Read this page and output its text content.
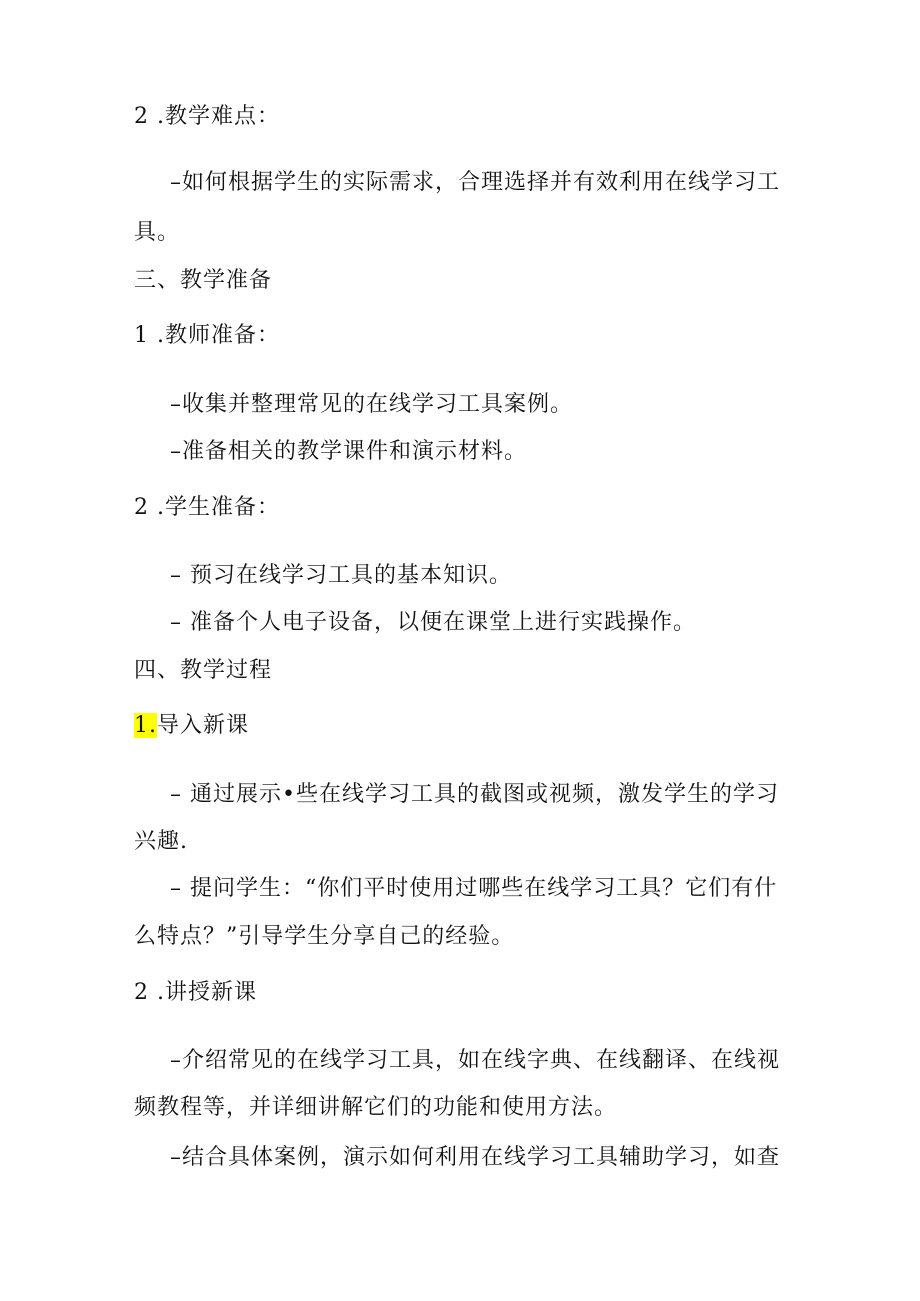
2 .教学难点：
–如何根据学生的实际需求，合理选择并有效利用在线学习工
具。
三、教学准备
1 .教师准备：
–收集并整理常见的在线学习工具案例。
–准备相关的教学课件和演示材料。
2 .学生准备：
– 预习在线学习工具的基本知识。
– 准备个人电子设备，以便在课堂上进行实践操作。
四、教学过程
1.导入新课
– 通过展示•些在线学习工具的截图或视频，激发学生的学习
兴趣.
– 提问学生：“你们平时使用过哪些在线学习工具？它们有什
么特点？”引导学生分享自己的经验。
2 .讲授新课
–介绍常见的在线学习工具，如在线字典、在线翻译、在线视
频教程等，并详细讲解它们的功能和使用方法。
–结合具体案例，演示如何利用在线学习工具辅助学习，如查
